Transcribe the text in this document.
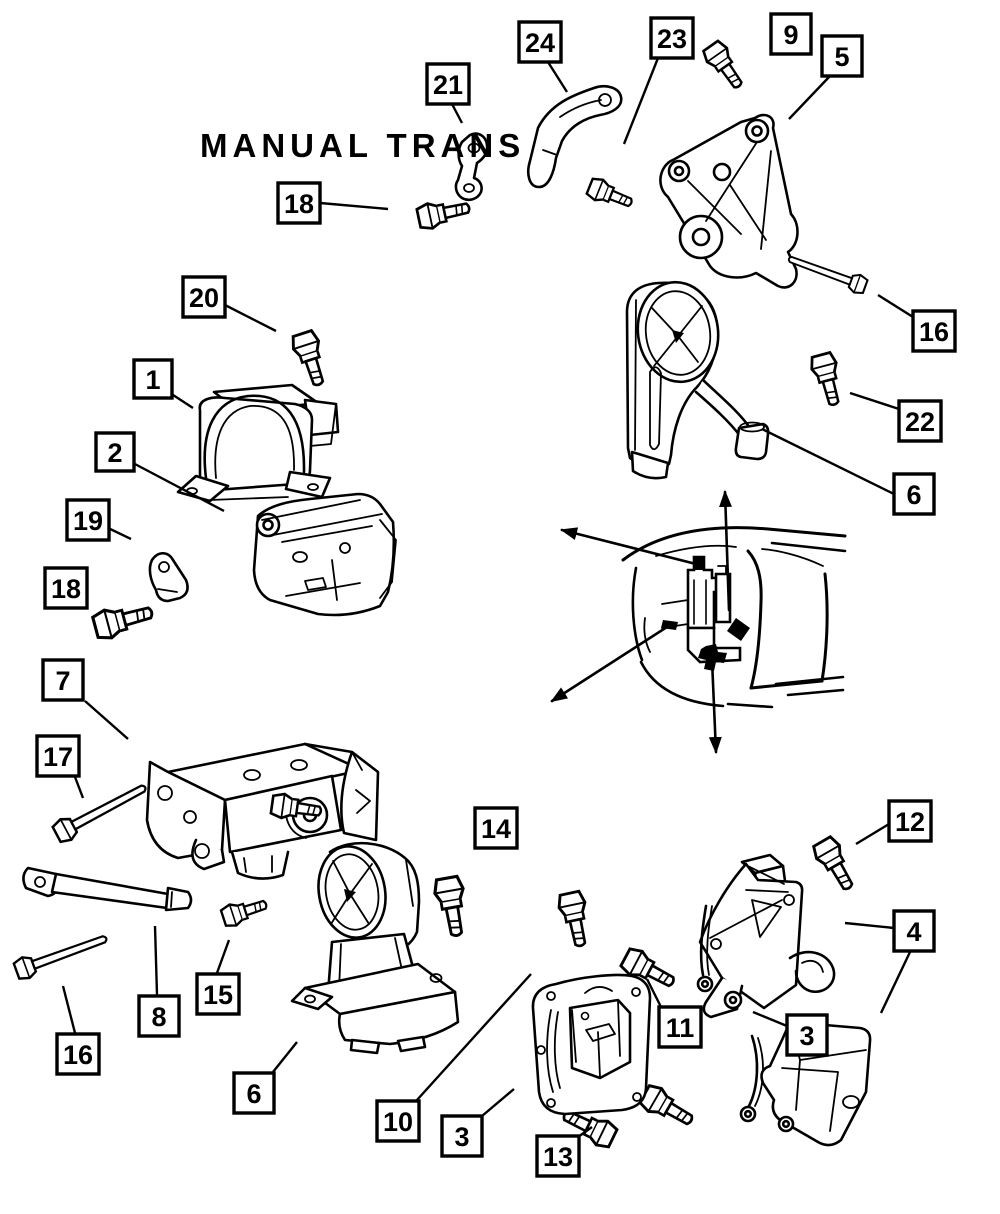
MANUAL TRANS
24	23	9
5
21
18
20
1
16
22
2
6
19
18
7
17
14	12
4
15
8
16
6
11	3
10 3
13
